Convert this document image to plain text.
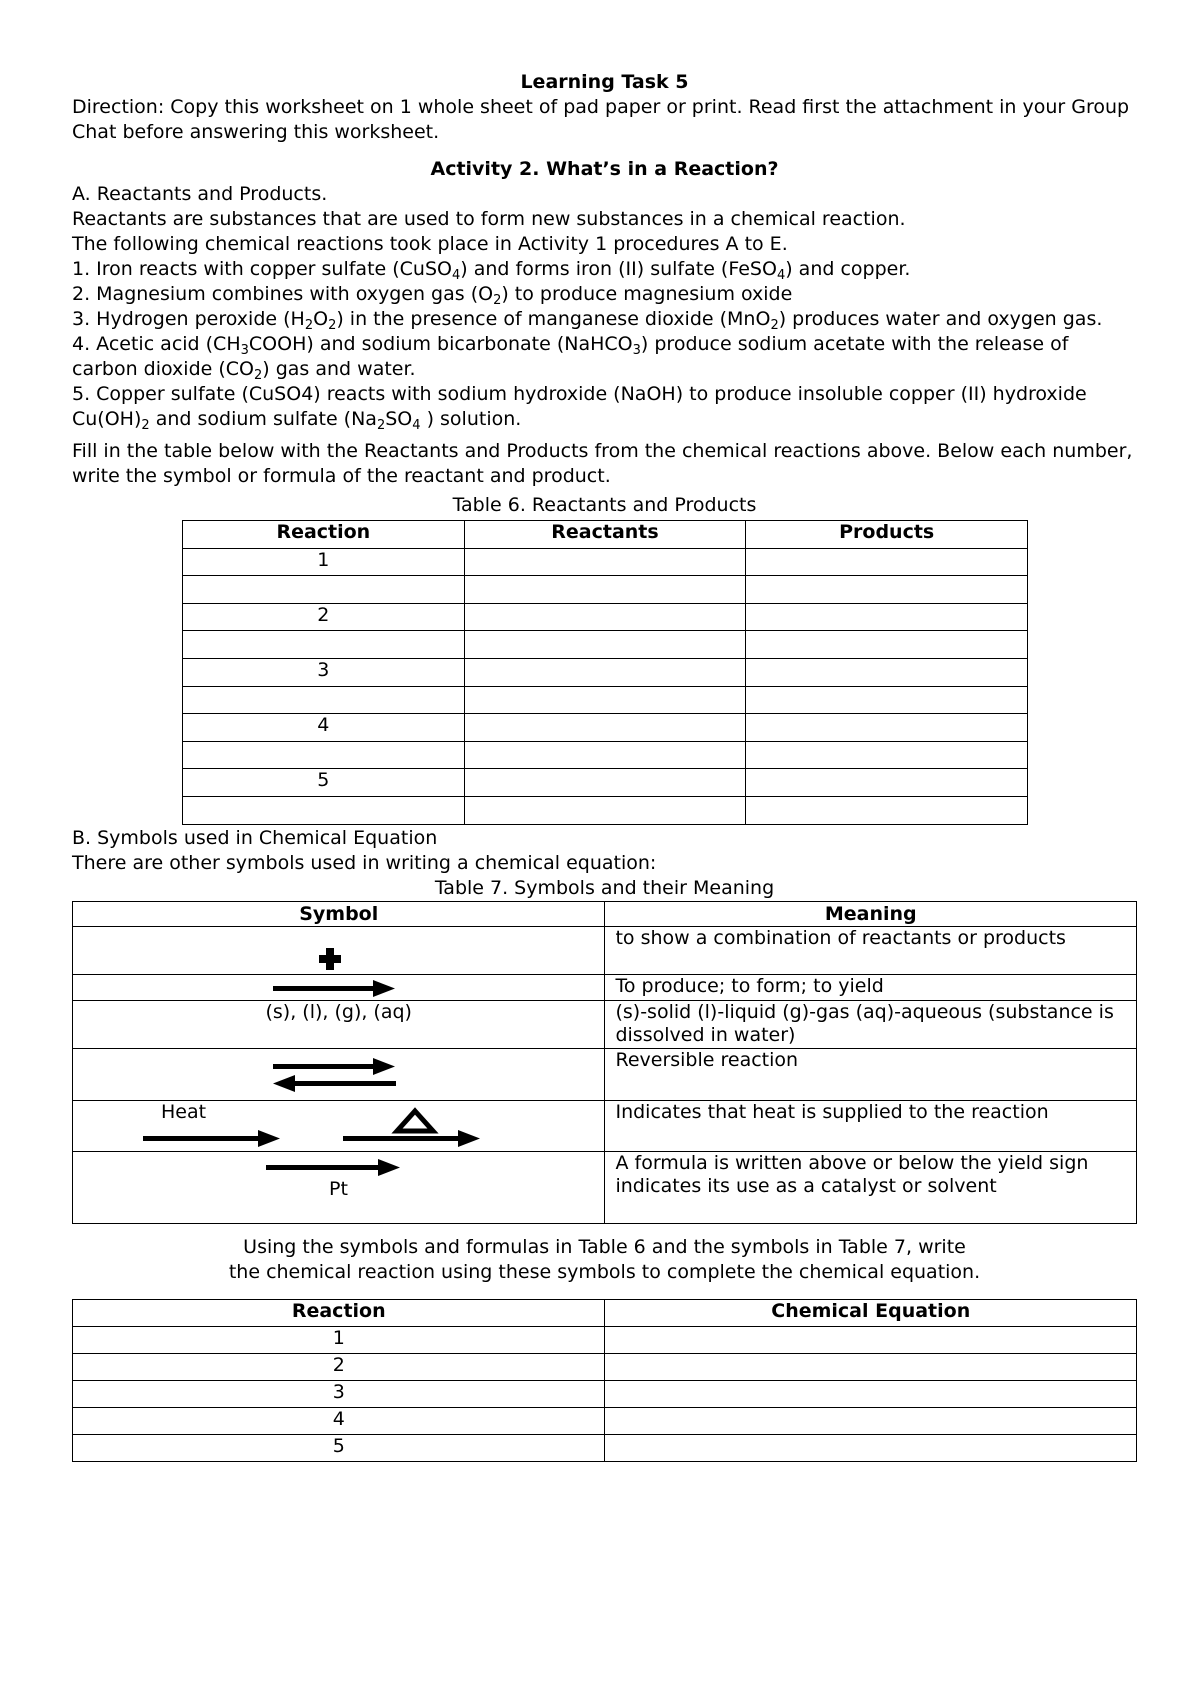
Learning Task 5

Direction: Copy this worksheet on 1 whole sheet of pad paper or print. Read first the attachment in your Group Chat before answering this worksheet.

Activity 2. What’s in a Reaction?

A. Reactants and Products.

Reactants are substances that are used to form new substances in a chemical reaction.

The following chemical reactions took place in Activity 1 procedures A to E.

1. Iron reacts with copper sulfate (CuSO$_4$) and forms iron (II) sulfate (FeSO$_4$) and copper.

2. Magnesium combines with oxygen gas $(O_2)$ to produce magnesium oxide

3. Hydrogen peroxide $(H_2O_2)$ in the presence of manganese dioxide (MnO$_2$) produces water and oxygen gas.

4. Acetic acid $(CH_3COOH)$ and sodium bicarbonate (NaHCO$_3$) produce sodium acetate with the release of carbon dioxide $(CO_2)$ gas and water.

5. Copper sulfate (CuSO4) reacts with sodium hydroxide (NaOH) to produce insoluble copper (II) hydroxide $Cu(OH)_2$ and sodium sulfate ($Na_2SO_4$ ) solution.

Fill in the table below with the Reactants and Products from the chemical reactions above. Below each number, write the symbol or formula of the reactant and product.

Table 6. Reactants and Products

Reaction	Reactants	Products
1		

2		

3		

4		

5		

B. Symbols used in Chemical Equation

There are other symbols used in writing a chemical equation:

Table 7. Symbols and their Meaning

Symbol	Meaning

	to show a combination of reactants or products

	To produce; to form; to yield
(s), (l), (g), (aq)	(s)-solid (l)-liquid (g)-gas (aq)-aqueous (substance is dissolved in water)

	Reversible reaction

Heat	Indicates that heat is supplied to the reaction

Pt	A formula is written above or below the yield sign indicates its use as a catalyst or solvent

Using the symbols and formulas in Table 6 and the symbols in Table 7, write

the chemical reaction using these symbols to complete the chemical equation.

Reaction	Chemical Equation
1	
2	
3	
4	
5	
